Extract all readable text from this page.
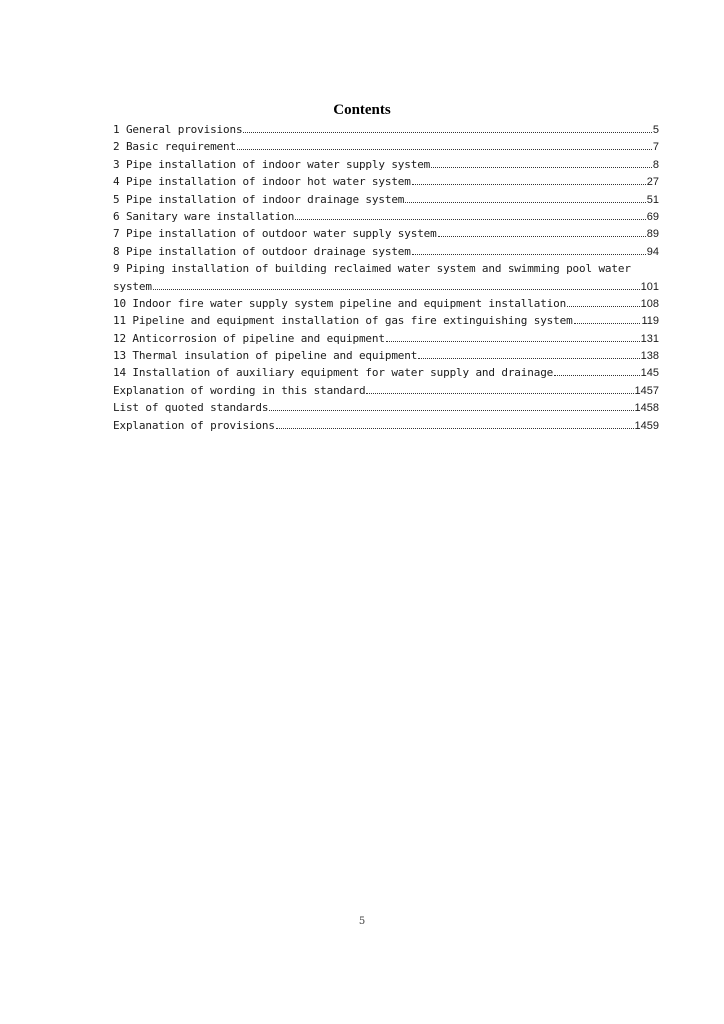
Contents
1 General provisions	5
2 Basic requirement	7
3 Pipe installation of indoor water supply system	8
4 Pipe installation of indoor hot water system	27
5 Pipe installation of indoor drainage system	51
6 Sanitary ware installation	69
7 Pipe installation of outdoor water supply system	89
8 Pipe installation of outdoor drainage system	94
9 Piping installation of building reclaimed water system and swimming pool water
system	101
10 Indoor fire water supply system pipeline and equipment installation	108
11 Pipeline and equipment installation of gas fire extinguishing system	119
12 Anticorrosion of pipeline and equipment	131
13 Thermal insulation of pipeline and equipment	138
14 Installation of auxiliary equipment for water supply and drainage	145
Explanation of wording in this standard	1457
List of quoted standards	1458
Explanation of provisions	1459
5
